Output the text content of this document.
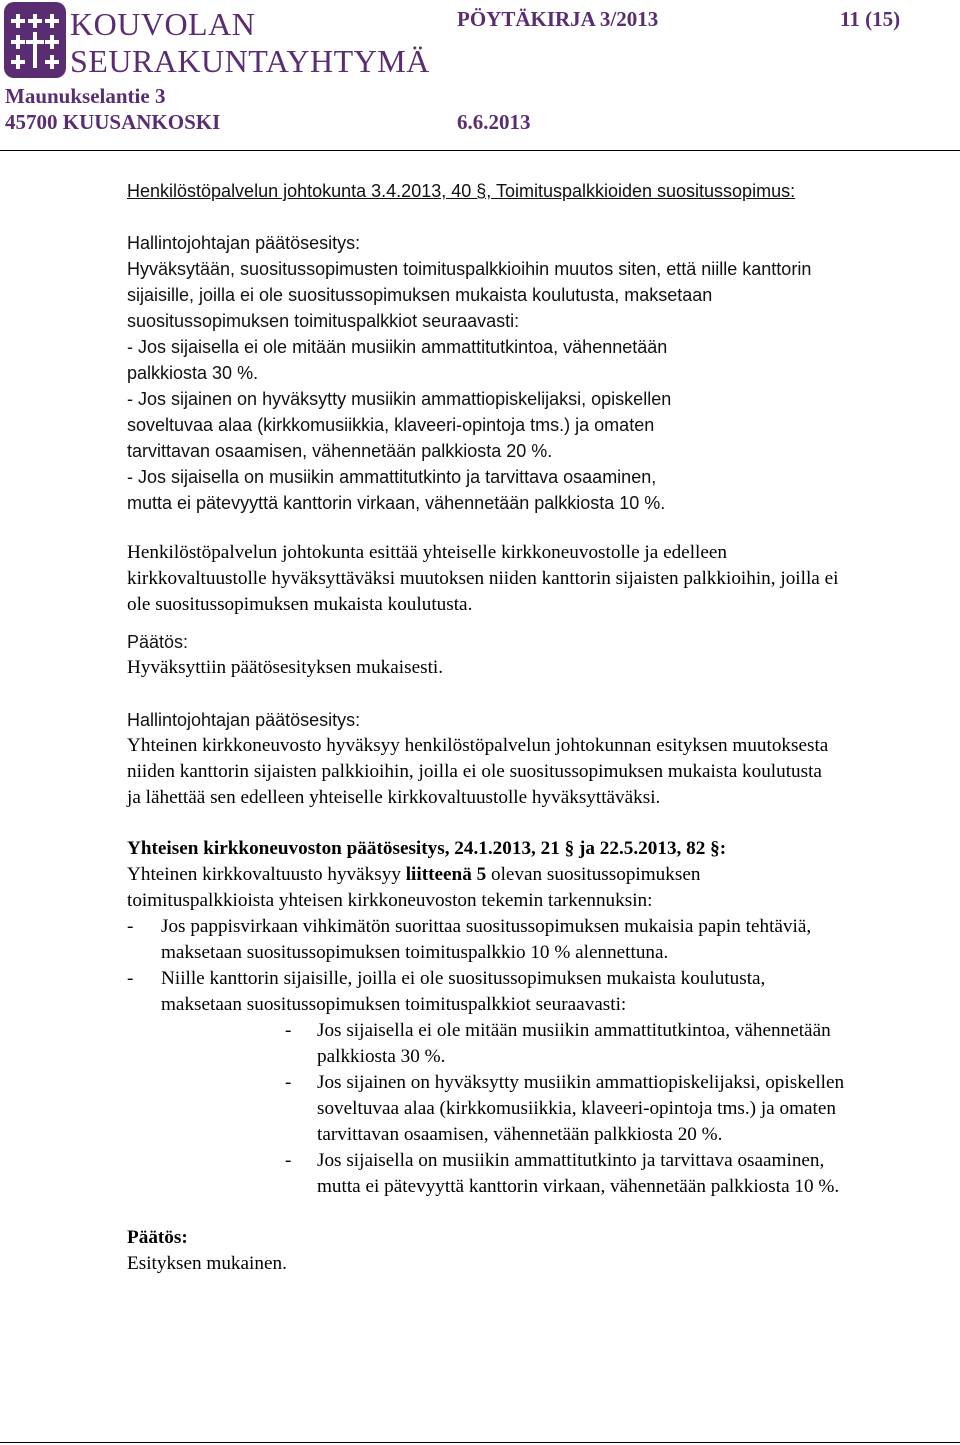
KOUVOLAN
SEURAKUNTAYHTYMÄ
PÖYTÄKIRJA 3/2013	11 (15)
Maunukselantie 3
45700 KUUSANKOSKI	6.6.2013
Henkilöstöpalvelun johtokunta 3.4.2013, 40 §, Toimituspalkkioiden suositussopimus:
Hallintojohtajan päätösesitys:
Hyväksytään, suositussopimusten toimituspalkkioihin muutos siten, että niille kanttorin
sijaisille, joilla ei ole suositussopimuksen mukaista koulutusta, maksetaan
suositussopimuksen toimituspalkkiot seuraavasti:
- Jos sijaisella ei ole mitään musiikin ammattitutkintoa, vähennetään
palkkiosta 30 %.
- Jos sijainen on hyväksytty musiikin ammattiopiskelijaksi, opiskellen
soveltuvaa alaa (kirkkomusiikkia, klaveeri-opintoja tms.) ja omaten
tarvittavan osaamisen, vähennetään palkkiosta 20 %.
- Jos sijaisella on musiikin ammattitutkinto ja tarvittava osaaminen,
mutta ei pätevyyttä kanttorin virkaan, vähennetään palkkiosta 10 %.
Henkilöstöpalvelun johtokunta esittää yhteiselle kirkkoneuvostolle ja edelleen
kirkkovaltuustolle hyväksyttäväksi muutoksen niiden kanttorin sijaisten palkkioihin, joilla ei
ole suositussopimuksen mukaista koulutusta.
Päätös:
Hyväksyttiin päätösesityksen mukaisesti.
Hallintojohtajan päätösesitys:
Yhteinen kirkkoneuvosto hyväksyy henkilöstöpalvelun johtokunnan esityksen muutoksesta
niiden kanttorin sijaisten palkkioihin, joilla ei ole suositussopimuksen mukaista koulutusta
ja lähettää sen edelleen yhteiselle kirkkovaltuustolle hyväksyttäväksi.
Yhteisen kirkkoneuvoston päätösesitys, 24.1.2013, 21 § ja 22.5.2013, 82 §:
Yhteinen kirkkovaltuusto hyväksyy liitteenä 5 olevan suositussopimuksen
toimituspalkkioista yhteisen kirkkoneuvoston tekemin tarkennuksin:
- Jos pappisvirkaan vihkimätön suorittaa suositussopimuksen mukaisia papin tehtäviä,
maksetaan suositussopimuksen toimituspalkkio 10 % alennettuna.
- Niille kanttorin sijaisille, joilla ei ole suositussopimuksen mukaista koulutusta,
maksetaan suositussopimuksen toimituspalkkiot seuraavasti:
- Jos sijaisella ei ole mitään musiikin ammattitutkintoa, vähennetään
palkkiosta 30 %.
- Jos sijainen on hyväksytty musiikin ammattiopiskelijaksi, opiskellen
soveltuvaa alaa (kirkkomusiikkia, klaveeri-opintoja tms.) ja omaten
tarvittavan osaamisen, vähennetään palkkiosta 20 %.
- Jos sijaisella on musiikin ammattitutkinto ja tarvittava osaaminen,
mutta ei pätevyyttä kanttorin virkaan, vähennetään palkkiosta 10 %.
Päätös:
Esityksen mukainen.
